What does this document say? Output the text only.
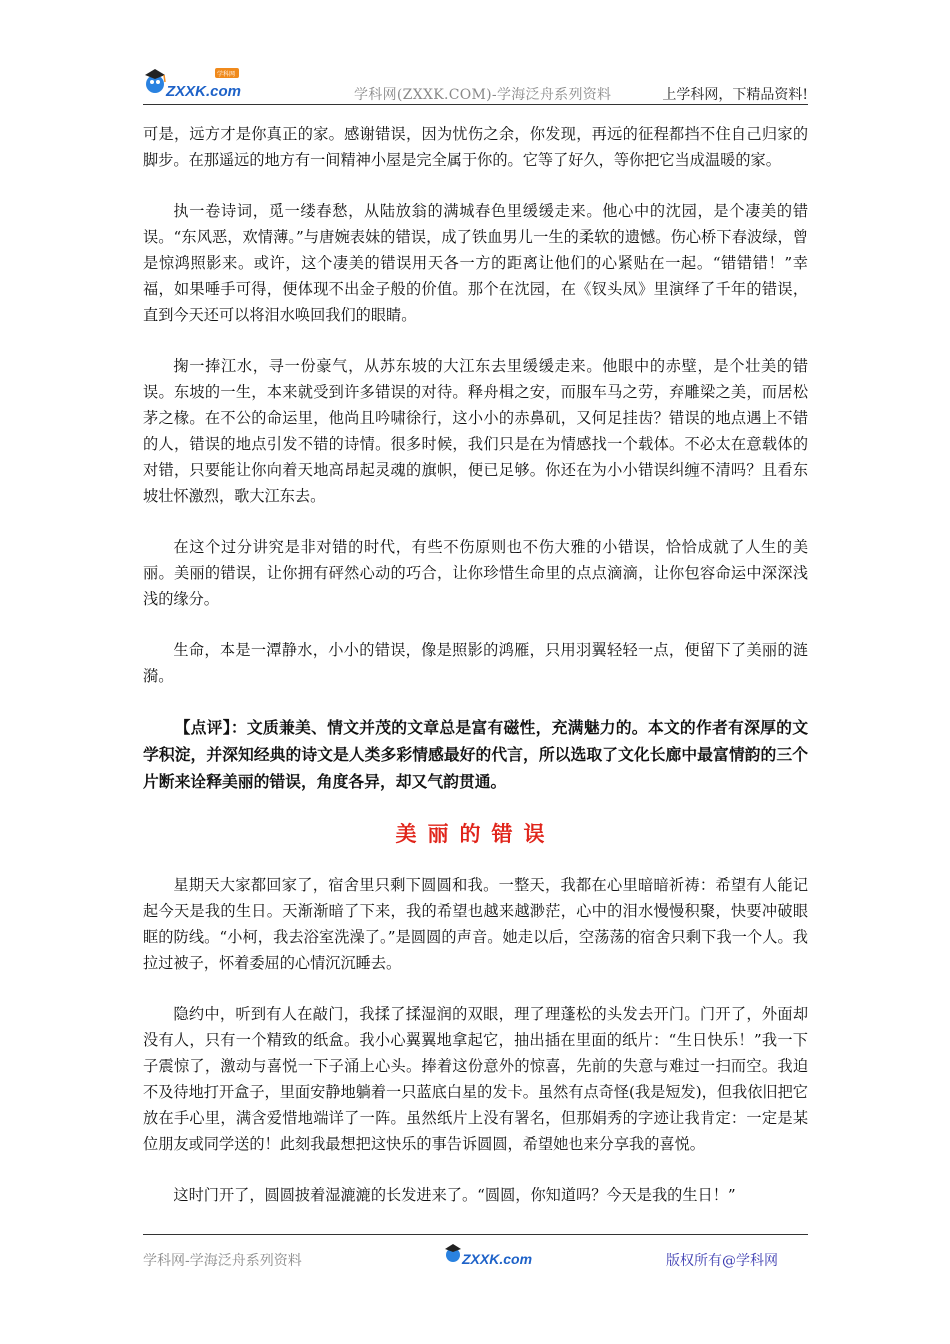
ZXXK.com
学科网
学科网(ZXXK.COM)-学海泛舟系列资料	上学科网，下精品资料!

可是，远方才是你真正的家。感谢错误，因为忧伤之余，你发现，再远的征程都挡不住自己归家的脚步。在那遥远的地方有一间精神小屋是完全属于你的。它等了好久，等你把它当成温暖的家。

执一卷诗词，觅一缕春愁，从陆放翁的满城春色里缓缓走来。他心中的沈园，是个凄美的错误。“东风恶，欢情薄。”与唐婉表妹的错误，成了铁血男儿一生的柔软的遗憾。伤心桥下春波绿，曾是惊鸿照影来。或许，这个凄美的错误用天各一方的距离让他们的心紧贴在一起。“错错错！”幸福，如果唾手可得，便体现不出金子般的价值。那个在沈园，在《钗头凤》里演绎了千年的错误，直到今天还可以将泪水唤回我们的眼睛。

掬一捧江水，寻一份豪气，从苏东坡的大江东去里缓缓走来。他眼中的赤壁，是个壮美的错误。东坡的一生，本来就受到许多错误的对待。释舟楫之安，而服车马之劳，弃雕梁之美，而居松茅之椽。在不公的命运里，他尚且吟啸徐行，这小小的赤鼻矶，又何足挂齿？错误的地点遇上不错的人，错误的地点引发不错的诗情。很多时候，我们只是在为情感找一个载体。不必太在意载体的对错，只要能让你向着天地高昂起灵魂的旗帜，便已足够。你还在为小小错误纠缠不清吗？且看东坡壮怀激烈，歌大江东去。

在这个过分讲究是非对错的时代，有些不伤原则也不伤大雅的小错误，恰恰成就了人生的美丽。美丽的错误，让你拥有砰然心动的巧合，让你珍惜生命里的点点滴滴，让你包容命运中深深浅浅的缘分。

生命，本是一潭静水，小小的错误，像是照影的鸿雁，只用羽翼轻轻一点，便留下了美丽的涟漪。

【点评】：文质兼美、情文并茂的文章总是富有磁性，充满魅力的。本文的作者有深厚的文学积淀，并深知经典的诗文是人类多彩情感最好的代言，所以选取了文化长廊中最富情韵的三个片断来诠释美丽的错误，角度各异，却又气韵贯通。

美丽的错误

星期天大家都回家了，宿舍里只剩下圆圆和我。一整天，我都在心里暗暗祈祷：希望有人能记起今天是我的生日。天渐渐暗了下来，我的希望也越来越渺茫，心中的泪水慢慢积聚，快要冲破眼眶的防线。“小柯，我去浴室洗澡了。”是圆圆的声音。她走以后，空荡荡的宿舍只剩下我一个人。我拉过被子，怀着委屈的心情沉沉睡去。

隐约中，听到有人在敲门，我揉了揉湿润的双眼，理了理蓬松的头发去开门。门开了，外面却没有人，只有一个精致的纸盒。我小心翼翼地拿起它，抽出插在里面的纸片：“生日快乐！”我一下子震惊了，激动与喜悦一下子涌上心头。捧着这份意外的惊喜，先前的失意与难过一扫而空。我迫不及待地打开盒子，里面安静地躺着一只蓝底白星的发卡。虽然有点奇怪(我是短发)，但我依旧把它放在手心里，满含爱惜地端详了一阵。虽然纸片上没有署名，但那娟秀的字迹让我肯定：一定是某位朋友或同学送的！此刻我最想把这快乐的事告诉圆圆，希望她也来分享我的喜悦。

这时门开了，圆圆披着湿漉漉的长发进来了。“圆圆，你知道吗？今天是我的生日！”

学科网-学海泛舟系列资料	ZXXK.com	版权所有@学科网
